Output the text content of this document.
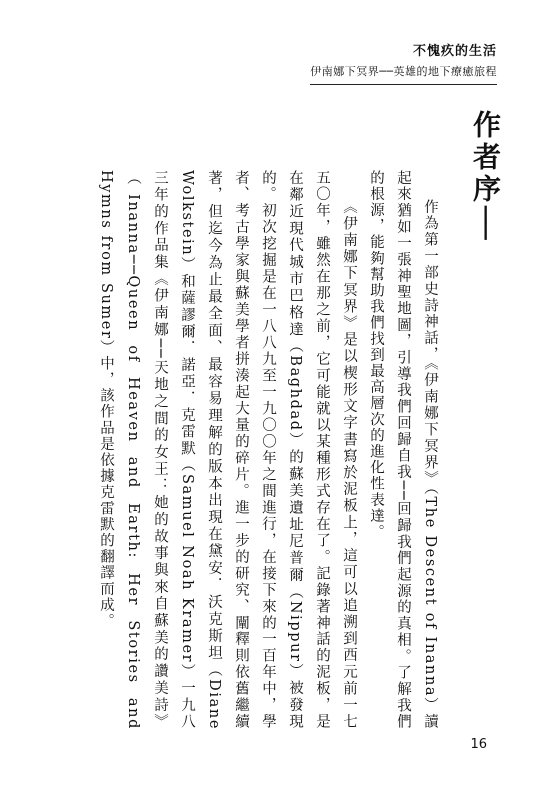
不愧疚的生活
伊南娜下冥界──英雄的地下療癒旅程
作者序──

作為第一部史詩神話，《伊南娜下冥界》（The Descent of Inanna）讀起來猶如一張神聖地圖，引導我們回歸自我──回歸我們起源的真相。了解我們的根源，能夠幫助我們找到最高層次的進化性表達。

《伊南娜下冥界》是以楔形文字書寫於泥板上，這可以追溯到西元前一七五〇年，雖然在那之前，它可能就以某種形式存在了。記錄著神話的泥板，是在鄰近現代城市巴格達（Baghdad）的蘇美遺址尼普爾（Nippur）被發現的。初次挖掘是在一八八九至一九〇〇年之間進行，在接下來的一百年中，學者、考古學家與蘇美學者拼湊起大量的碎片。進一步的研究、闡釋則依舊繼續著，但迄今為止最全面、最容易理解的版本出現在黛安．沃克斯坦（Diane Wolkstein）和薩謬爾．諾亞．克雷默（Samuel Noah Kramer）一九八三年的作品集《伊南娜──天地之間的女王：她的故事與來自蘇美的讚美詩》（Inanna──Queen of Heaven and Earth: Her Stories and Hymns from Sumer）中，該作品是依據克雷默的翻譯而成。

16
